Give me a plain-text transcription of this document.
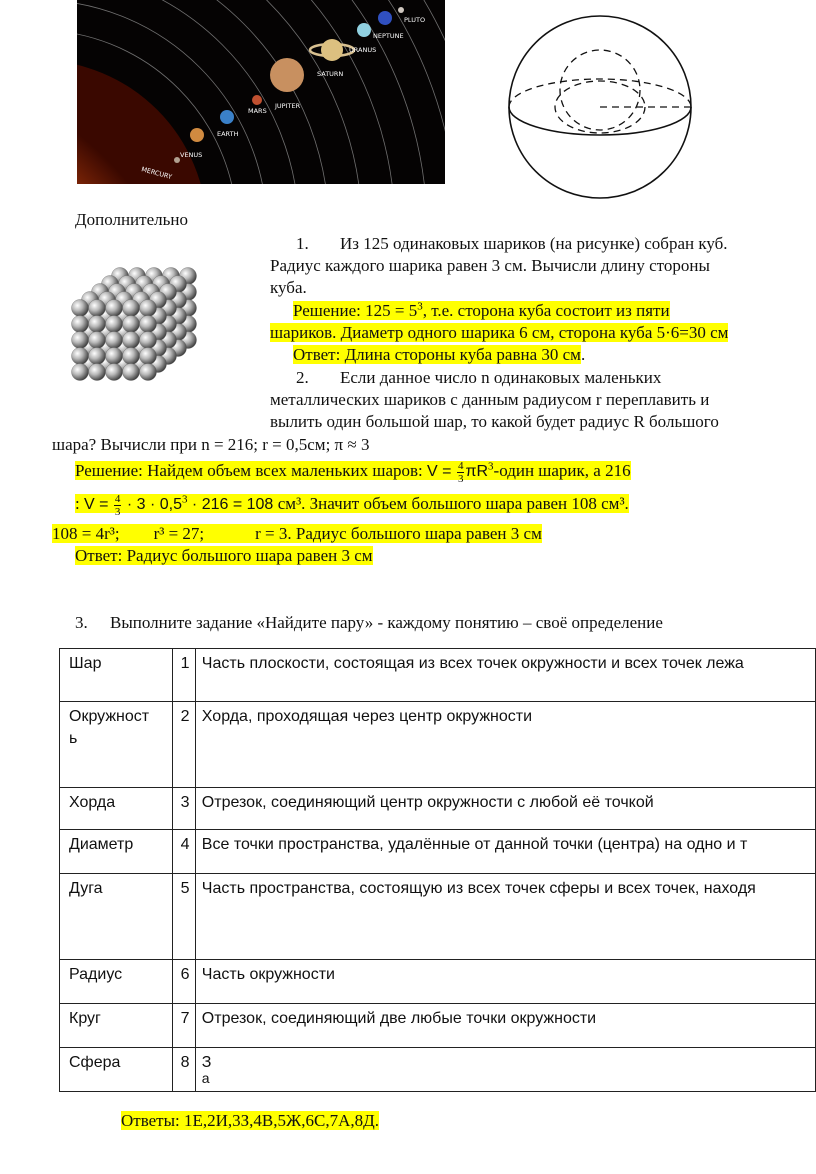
PLUTO
NEPTUNE
URANUS
SATURN
JUPITER
MARS
EARTH
VENUS
MERCURY
Дополнительно
1. Из 125 одинаковых шариков (на рисунке) собран куб.
Радиус каждого шарика равен 3 см. Вычисли длину стороны
куба.
Решение: $125 = 5^3$, т.е. сторона куба состоит из пяти
шариков. Диаметр одного шарика 6 см, сторона куба 5·6=30 см
Ответ: Длина стороны куба равна 30 см.
2. Если данное число n одинаковых маленьких
металлических шариков с данным радиусом r переплавить и
вылить один большой шар, то какой будет радиус R большого
шара? Вычисли при n = 216; r = 0,5см; π ≈ 3
Решение: Найдем объем всех маленьких шаров: $V = \frac{4}{3}$ $\pi R^3$-один шарик, а 216
: $V = \frac{4}{3} \cdot 3 \cdot 0,5^3 \cdot 216 = 108$ см³. Значит объем большого шара равен 108 см³.
108 = 4r³;        r³ = 27;            r = 3. Радиус большого шара равен 3 см
Ответ: Радиус большого шара равен 3 см
3. Выполните задание «Найдите пару» - каждому понятию – своё определение
Шар	1	Часть плоскости, состоящая из всех точек окружности и всех точек лежа

Окружност
ь	2	Хорда, проходящая через центр окружности

Хорда	3	Отрезок, соединяющий центр окружности с любой её точкой

Диаметр	4	Все точки пространства, удалённые от данной точки (центра) на одно и т

Дуга	5	Часть пространства, состоящую из всех точек сферы и всех точек, находя

Радиус	6	Часть окружности

Круг	7	Отрезок, соединяющий две любые точки окружности

Сфера	8	З
а
Ответы: 1Е,2И,3З,4В,5Ж,6С,7А,8Д.
